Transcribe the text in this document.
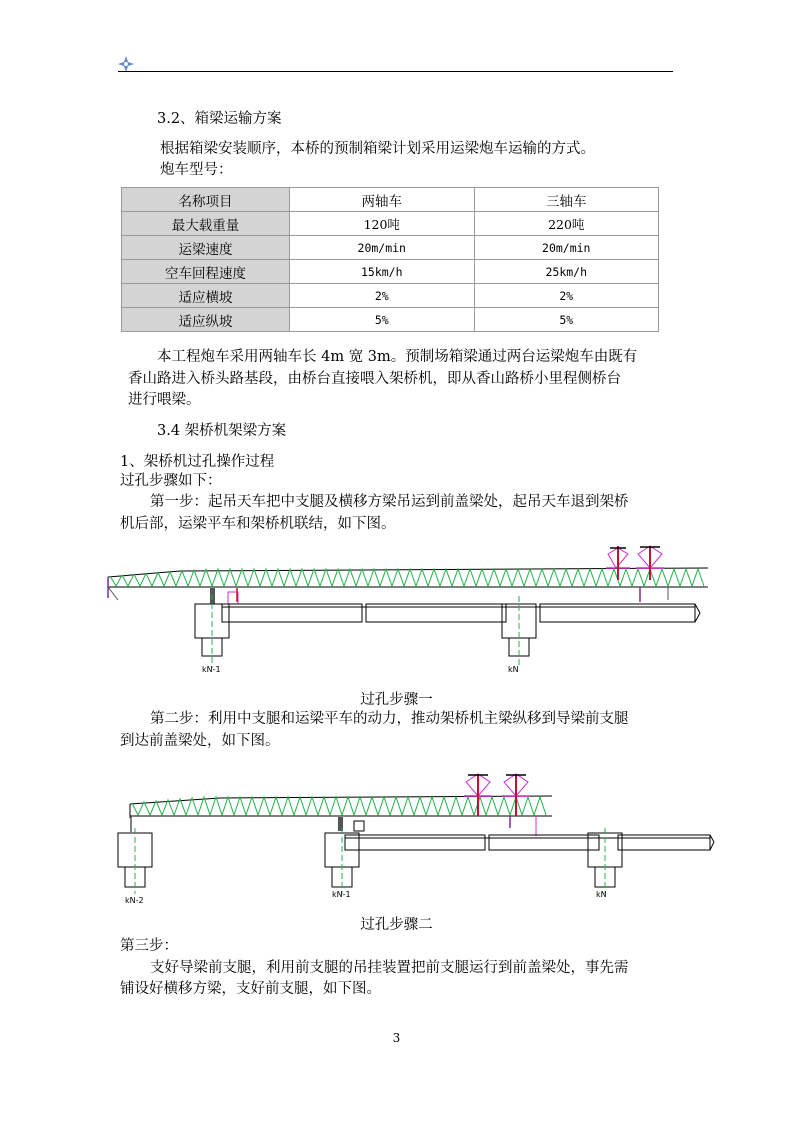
3.2、箱梁运输方案
根据箱梁安装顺序，本桥的预制箱梁计划采用运梁炮车运输的方式。
炮车型号：
名称项目	两轴车	三轴车
最大载重量	120吨	220吨
运梁速度	20m/min	20m/min
空车回程速度	15km/h	25km/h
适应横坡	2%	2%
适应纵坡	5%	5%
本工程炮车采用两轴车长 4m 宽 3m。预制场箱梁通过两台运梁炮车由既有
香山路进入桥头路基段，由桥台直接喂入架桥机，即从香山路桥小里程侧桥台
进行喂梁。
3.4 架桥机架梁方案
1、架桥机过孔操作过程
过孔步骤如下：
第一步：起吊天车把中支腿及横移方梁吊运到前盖梁处，起吊天车退到架桥
机后部，运梁平车和架桥机联结，如下图。
kN-1	kN
过孔步骤一
第二步：利用中支腿和运梁平车的动力，推动架桥机主梁纵移到导梁前支腿
到达前盖梁处，如下图。
kN-2
kN-1	kN
过孔步骤二
第三步：
支好导梁前支腿，利用前支腿的吊挂装置把前支腿运行到前盖梁处，事先需
铺设好横移方梁，支好前支腿，如下图。
3
